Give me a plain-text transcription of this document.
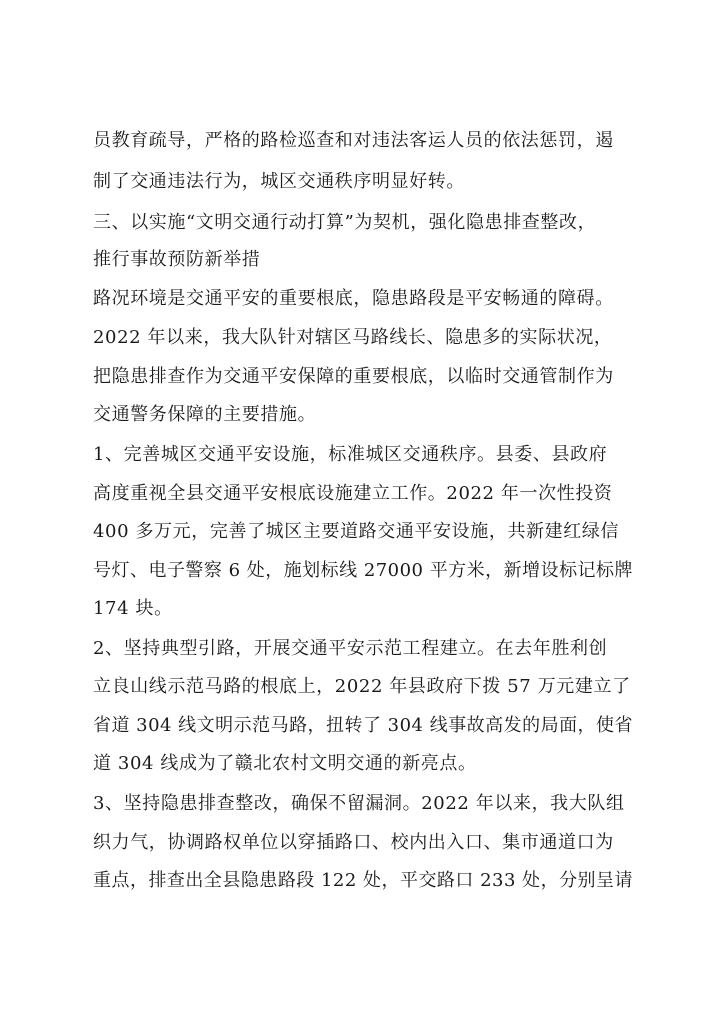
员教育疏导，严格的路检巡查和对违法客运人员的依法惩罚，遏

制了交通违法行为，城区交通秩序明显好转。

三、以实施“文明交通行动打算”为契机，强化隐患排查整改，

推行事故预防新举措

路况环境是交通平安的重要根底，隐患路段是平安畅通的障碍。

2022 年以来，我大队针对辖区马路线长、隐患多的实际状况，

把隐患排查作为交通平安保障的重要根底，以临时交通管制作为

交通警务保障的主要措施。

1、完善城区交通平安设施，标准城区交通秩序。县委、县政府

高度重视全县交通平安根底设施建立工作。2022 年一次性投资

400 多万元，完善了城区主要道路交通平安设施，共新建红绿信

号灯、电子警察 6 处，施划标线 27000 平方米，新增设标记标牌

174 块。

2、坚持典型引路，开展交通平安示范工程建立。在去年胜利创

立良山线示范马路的根底上，2022 年县政府下拨 57 万元建立了

省道 304 线文明示范马路，扭转了 304 线事故高发的局面，使省

道 304 线成为了赣北农村文明交通的新亮点。

3、坚持隐患排查整改，确保不留漏洞。2022 年以来，我大队组

织力气，协调路权单位以穿插路口、校内出入口、集市通道口为

重点，排查出全县隐患路段 122 处，平交路口 233 处，分别呈请
